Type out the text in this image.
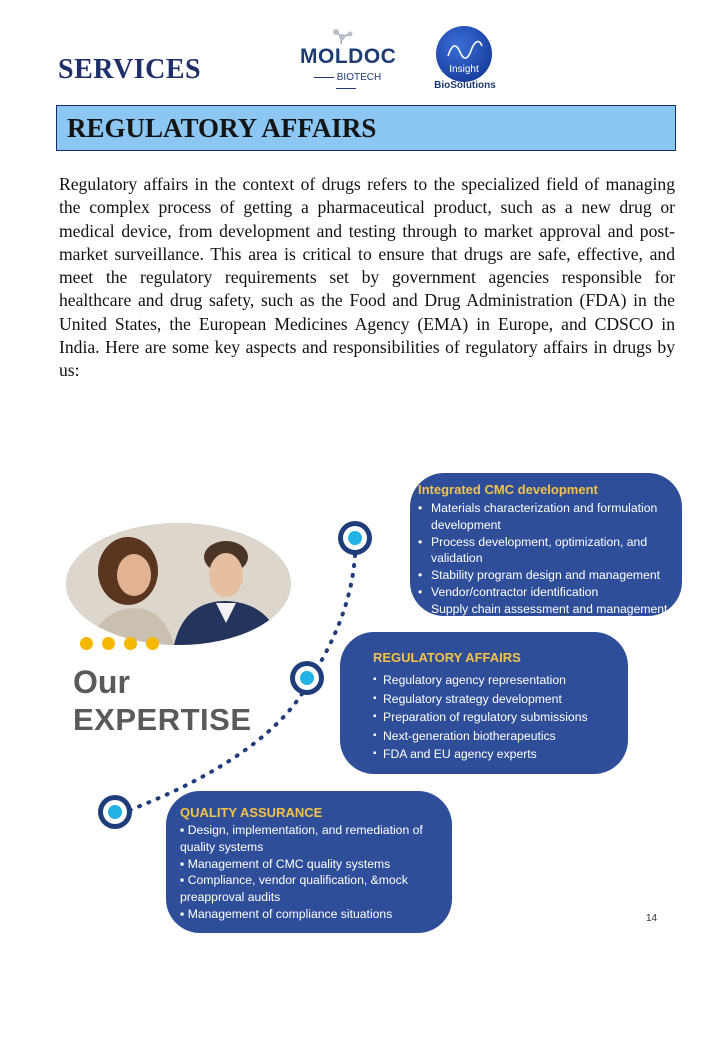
SERVICES	MOLDOC
BIOTECH
Insight
BioSolutions
REGULATORY AFFAIRS
Regulatory affairs in the context of drugs refers to the specialized field of managing the complex process of getting a pharmaceutical product, such as a new drug or medical device, from development and testing through to market approval and post-market surveillance. This area is critical to ensure that drugs are safe, effective, and meet the regulatory requirements set by government agencies responsible for healthcare and drug safety, such as the Food and Drug Administration (FDA) in the United States, the European Medicines Agency (EMA) in Europe, and CDSCO in India. Here are some key aspects and responsibilities of regulatory affairs in drugs by us:
Our
EXPERTISE
Integrated CMC development
• Materials characterization and formulation development
• Process development, optimization, and validation
• Stability program design and management
• Vendor/contractor identification
• Supply chain assessment and management
REGULATORY AFFAIRS
▪ Regulatory agency representation
▪ Regulatory strategy development
▪ Preparation of regulatory submissions
▪ Next-generation biotherapeutics
▪ FDA and EU agency experts
QUALITY ASSURANCE
▪ Design, implementation, and remediation of quality systems
▪ Management of CMC quality systems
▪ Compliance, vendor qualification, &mock preapproval audits
▪ Management of compliance situations	14
